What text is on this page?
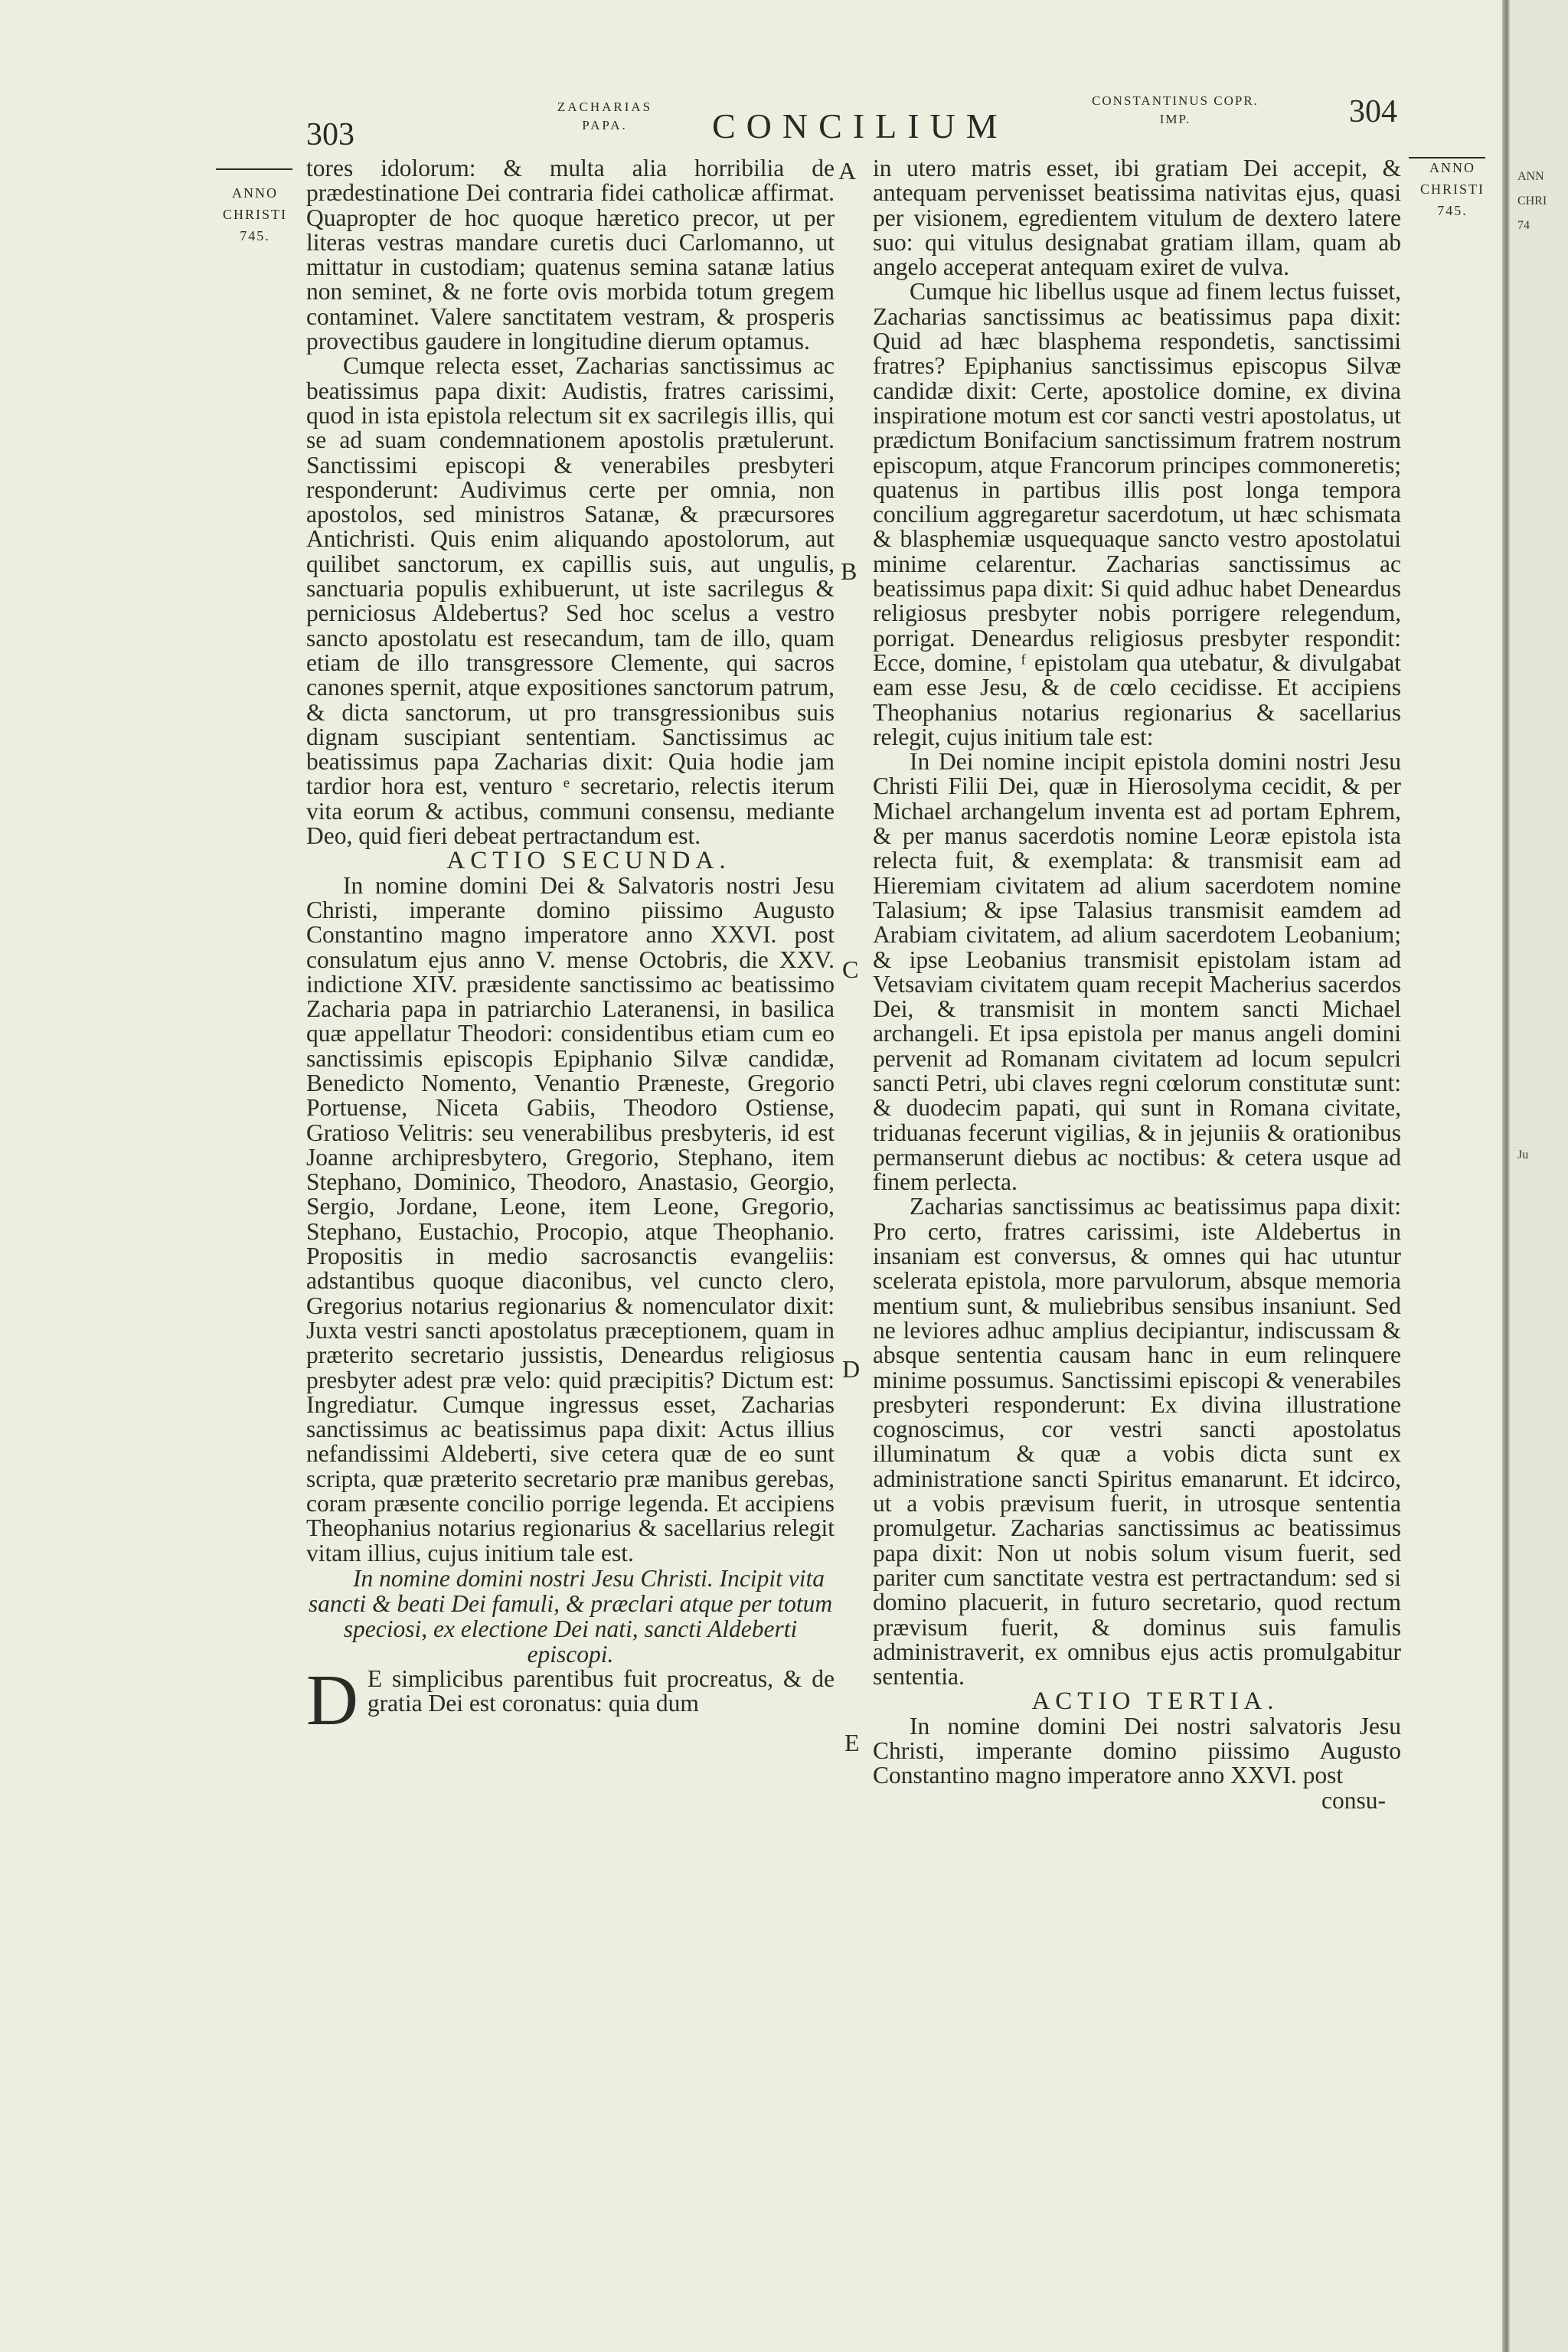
303
ZACHARIAS
PAPA.	CONCILIUM
CONSTANTINUS COPR.
IMP.	304
ANNO
CHRISTI
745.
ANNO
CHRISTI
745.
A
B
C
D
E

tores idolorum: & multa alia horribilia de prædestinatione Dei contraria fidei catholicæ affirmat. Quapropter de hoc quoque hæretico precor, ut per literas vestras mandare curetis duci Carlomanno, ut mittatur in custodiam; quatenus semina satanæ latius non seminet, & ne forte ovis morbida totum gregem contaminet. Valere sanctitatem vestram, & prosperis provectibus gaudere in longitudine dierum optamus.

Cumque relecta esset, Zacharias sanctissimus ac beatissimus papa dixit: Audistis, fratres carissimi, quod in ista epistola relectum sit ex sacrilegis illis, qui se ad suam condemnationem apostolis prætulerunt. Sanctissimi episcopi & venerabiles presbyteri responderunt: Audivimus certe per omnia, non apostolos, sed ministros Satanæ, & præcursores Antichristi. Quis enim aliquando apostolorum, aut quilibet sanctorum, ex capillis suis, aut ungulis, sanctuaria populis exhibuerunt, ut iste sacrilegus & perniciosus Aldebertus? Sed hoc scelus a vestro sancto apostolatu est resecandum, tam de illo, quam etiam de illo transgressore Clemente, qui sacros canones spernit, atque expositiones sanctorum patrum, & dicta sanctorum, ut pro transgressionibus suis dignam suscipiant sententiam. Sanctissimus ac beatissimus papa Zacharias dixit: Quia hodie jam tardior hora est, venturo ᵉ secretario, relectis iterum vita eorum & actibus, communi consensu, mediante Deo, quid fieri debeat pertractandum est.

ACTIO SECUNDA.

In nomine domini Dei & Salvatoris nostri Jesu Christi, imperante domino piissimo Augusto Constantino magno imperatore anno XXVI. post consulatum ejus anno V. mense Octobris, die XXV. indictione XIV. præsidente sanctissimo ac beatissimo Zacharia papa in patriarchio Lateranensi, in basilica quæ appellatur Theodori: considentibus etiam cum eo sanctissimis episcopis Epiphanio Silvæ candidæ, Benedicto Nomento, Venantio Prænestе, Gregorio Portuense, Niceta Gabiis, Theodoro Ostiense, Gratioso Velitris: seu venerabilibus presbyteris, id est Joanne archipresbytero, Gregorio, Stephano, item Stephano, Dominico, Theodoro, Anastasio, Georgio, Sergio, Jordane, Leone, item Leone, Gregorio, Stephano, Eustachio, Procopio, atque Theophanio. Propositis in medio sacrosanctis evangeliis: adstantibus quoque diaconibus, vel cuncto clero, Gregorius notarius regionarius & nomenculator dixit: Juxta vestri sancti apostolatus præceptionem, quam in præterito secretario jussistis, Deneardus religiosus presbyter adest præ velo: quid præcipitis? Dictum est: Ingrediatur. Cumque ingressus esset, Zacharias sanctissimus ac beatissimus papa dixit: Actus illius nefandissimi Aldeberti, sive cetera quæ de eo sunt scripta, quæ præterito secretario præ manibus gerebas, coram præsente concilio porrige legenda. Et accipiens Theophanius notarius regionarius & sacellarius relegit vitam illius, cujus initium tale est.

In nomine domini nostri Jesu Christi. Incipit vita sancti & beati Dei famuli, & præclari atque per totum speciosi, ex electione Dei nati, sancti Aldeberti episcopi.

D E simplicibus parentibus fuit procreatus, & de gratia Dei est coronatus: quia dum

in utero matris esset, ibi gratiam Dei accepit, & antequam pervenisset beatissima nativitas ejus, quasi per visionem, egredientem vitulum de dextero latere suo: qui vitulus designabat gratiam illam, quam ab angelo acceperat antequam exiret de vulva.

Cumque hic libellus usque ad finem lectus fuisset, Zacharias sanctissimus ac beatissimus papa dixit: Quid ad hæc blasphema respondetis, sanctissimi fratres? Epiphanius sanctissimus episcopus Silvæ candidæ dixit: Certe, apostolice domine, ex divina inspiratione motum est cor sancti vestri apostolatus, ut prædictum Bonifacium sanctissimum fratrem nostrum episcopum, atque Francorum principes commoneretis; quatenus in partibus illis post longa tempora concilium aggregaretur sacerdotum, ut hæc schismata & blasphemiæ usquequaque sancto vestro apostolatui minime celarentur. Zacharias sanctissimus ac beatissimus papa dixit: Si quid adhuc habet Deneardus religiosus presbyter nobis porrigere relegendum, porrigat. Deneardus religiosus presbyter respondit: Ecce, domine, ᶠ epistolam qua utebatur, & divulgabat eam esse Jesu, & de cœlo cecidisse. Et accipiens Theophanius notarius regionarius & sacellarius relegit, cujus initium tale est:

In Dei nomine incipit epistola domini nostri Jesu Christi Filii Dei, quæ in Hierosolyma cecidit, & per Michael archangelum inventa est ad portam Ephrem, & per manus sacerdotis nomine Leoræ epistola ista relecta fuit, & exemplata: & transmisit eam ad Hieremiam civitatem ad alium sacerdotem nomine Talasium; & ipse Talasius transmisit eamdem ad Arabiam civitatem, ad alium sacerdotem Leobanium; & ipse Leobanius transmisit epistolam istam ad Vetsaviam civitatem quam recepit Macherius sacerdos Dei, & transmisit in montem sancti Michael archangeli. Et ipsa epistola per manus angeli domini pervenit ad Romanam civitatem ad locum sepulcri sancti Petri, ubi claves regni cœlorum constitutæ sunt: & duodecim papati, qui sunt in Romana civitate, triduanas fecerunt vigilias, & in jejuniis & orationibus permanserunt diebus ac noctibus: & cetera usque ad finem perlecta.

Zacharias sanctissimus ac beatissimus papa dixit: Pro certo, fratres carissimi, iste Aldebertus in insaniam est conversus, & omnes qui hac utuntur scelerata epistola, more parvulorum, absque memoria mentium sunt, & muliebribus sensibus insaniunt. Sed ne leviores adhuc amplius decipiantur, indiscussam & absque sententia causam hanc in eum relinquere minime possumus. Sanctissimi episcopi & venerabiles presbyteri responderunt: Ex divina illustratione cognoscimus, cor vestri sancti apostolatus illuminatum & quæ a vobis dicta sunt ex administratione sancti Spiritus emanarunt. Et idcirco, ut a vobis prævisum fuerit, in utrosque sententia promulgetur. Zacharias sanctissimus ac beatissimus papa dixit: Non ut nobis solum visum fuerit, sed pariter cum sanctitate vestra est pertractandum: sed si domino placuerit, in futuro secretario, quod rectum prævisum fuerit, & dominus suis famulis administraverit, ex omnibus ejus actis promulgabitur sententia.

ACTIO TERTIA.

In nomine domini Dei nostri salvatoris Jesu Christi, imperante domino piissimo Augusto Constantino magno imperatore anno XXVI. post

consu-

ANN
CHRI
74
Ju
